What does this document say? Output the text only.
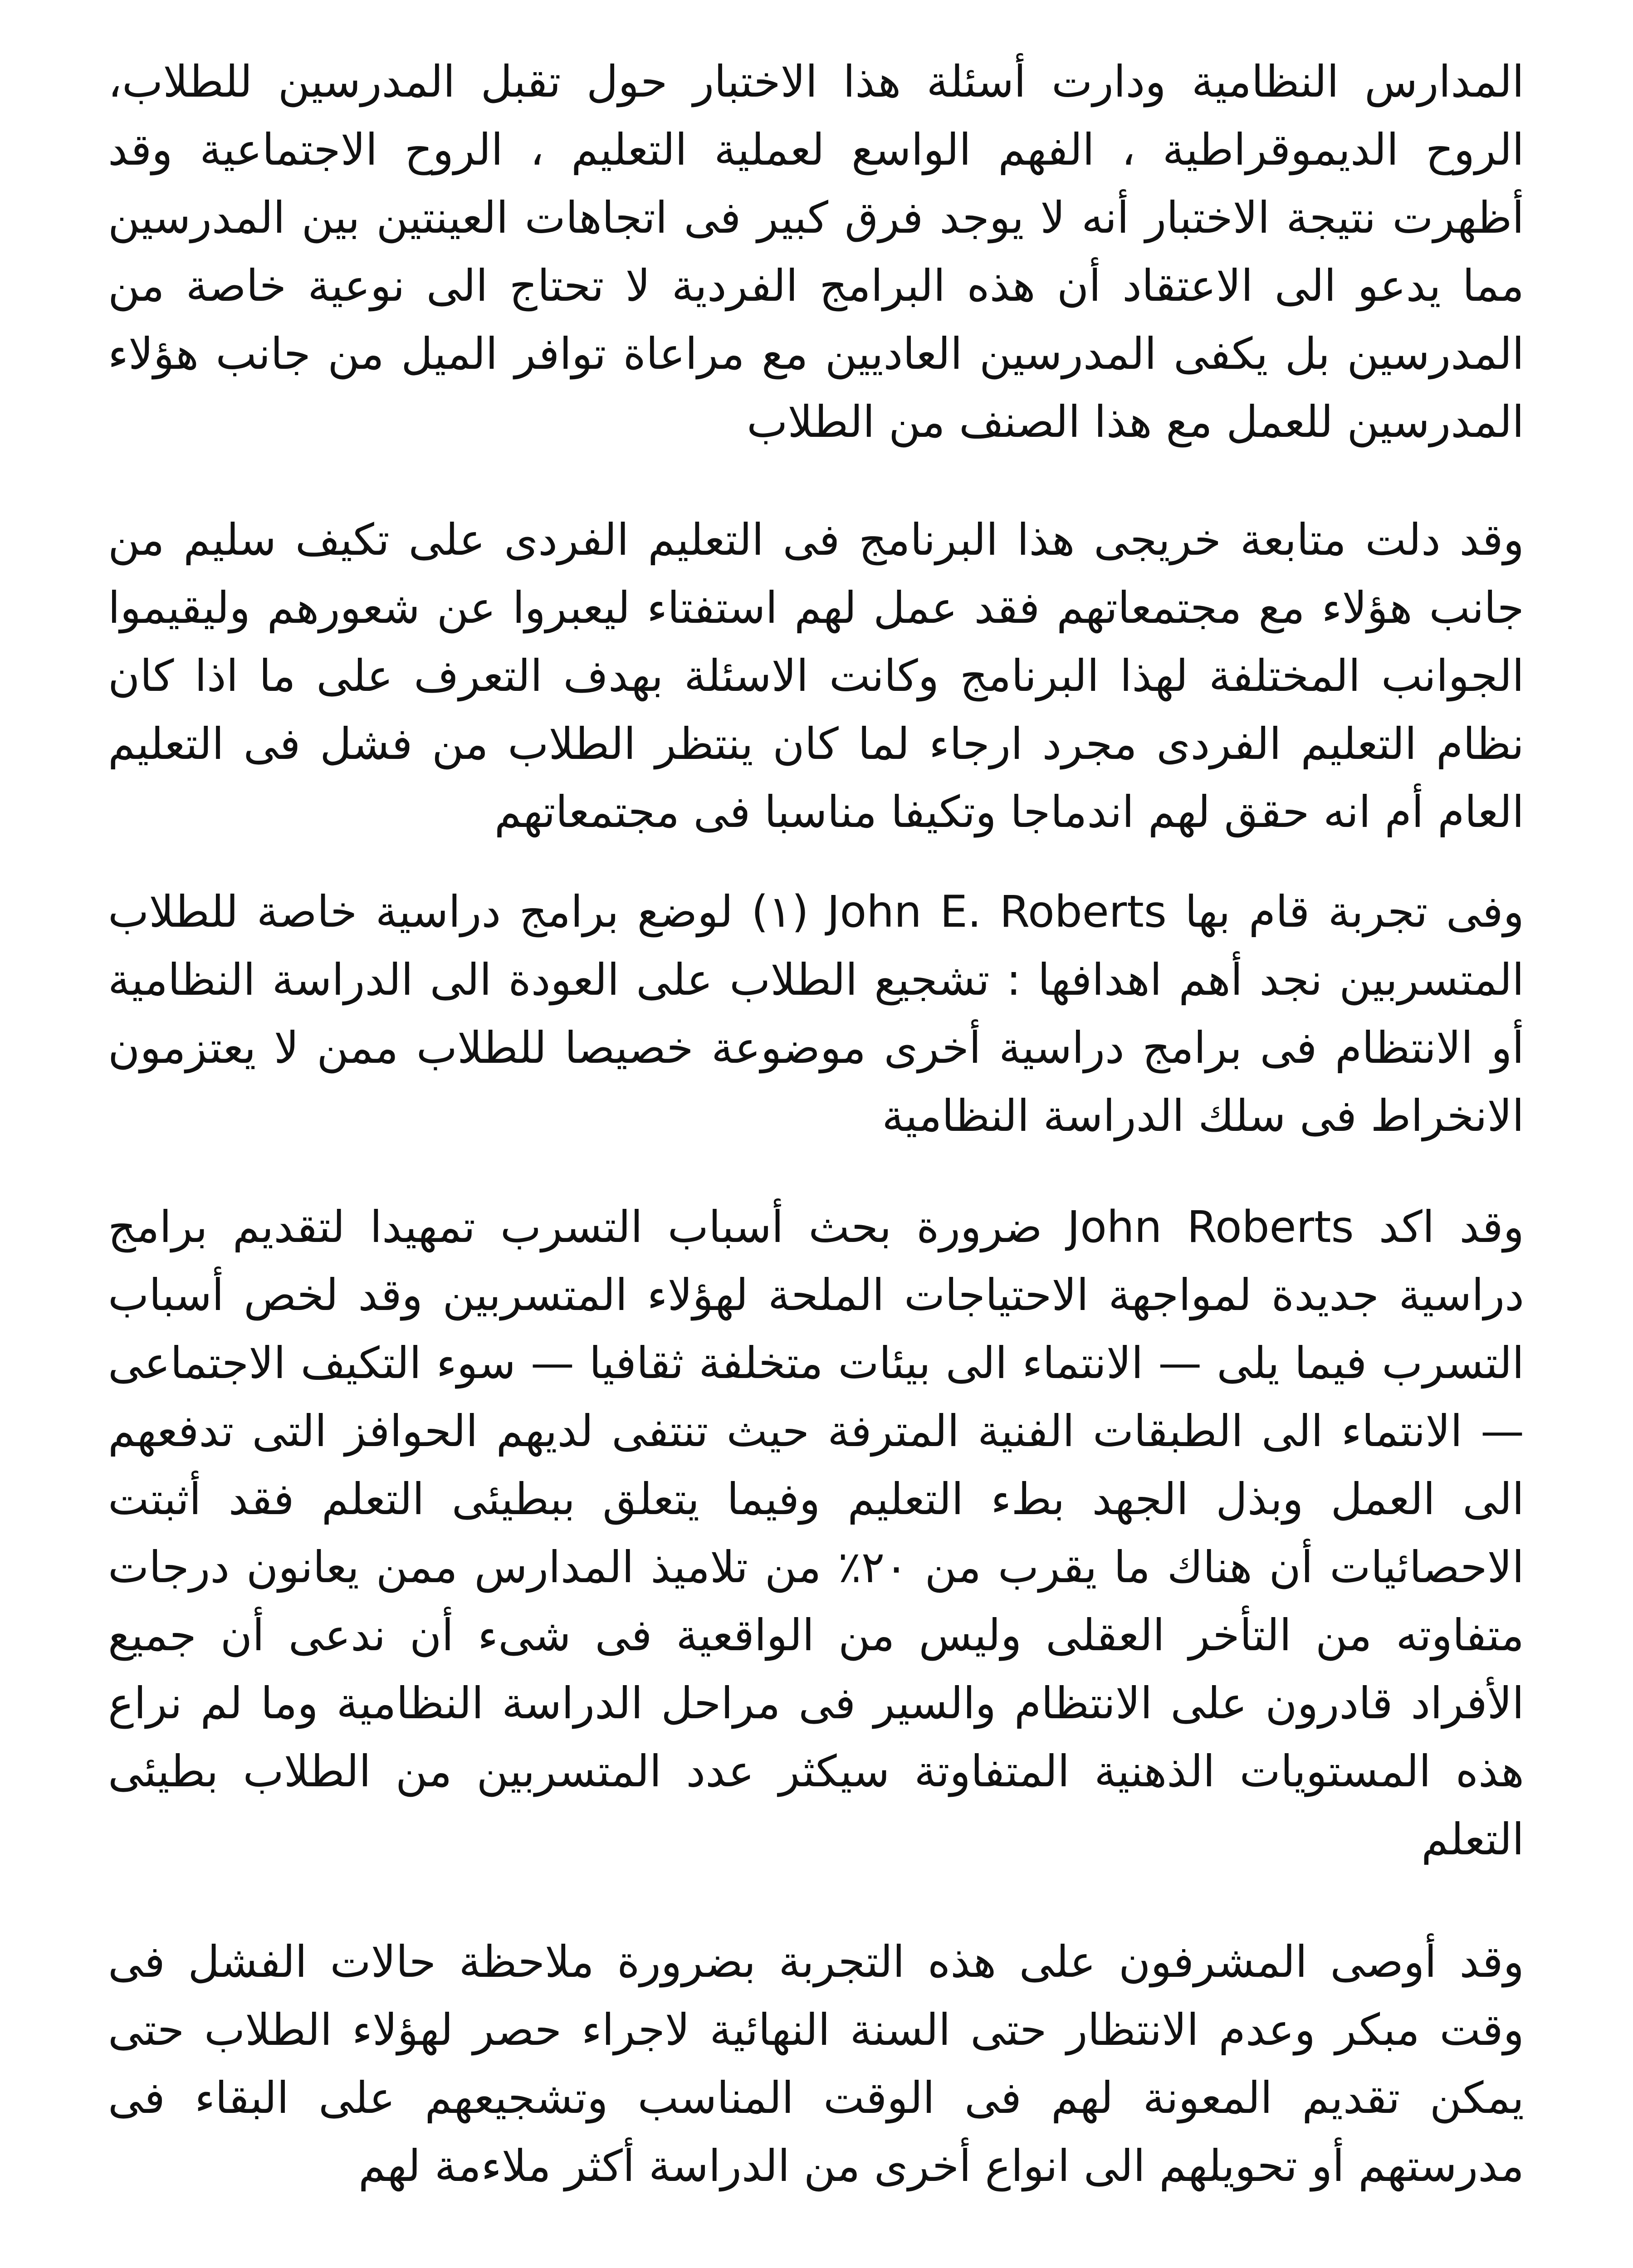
المدارس النظامية ودارت أسئلة هذا الاختبار حول تقبل المدرسين للطلاب، الروح الديموقراطية ، الفهم الواسع لعملية التعليم ، الروح الاجتماعية وقد أظهرت نتيجة الاختبار أنه لا يوجد فرق كبير فى اتجاهات العينتين بين المدرسين مما يدعو الى الاعتقاد أن هذه البرامج الفردية لا تحتاج الى نوعية خاصة من المدرسين بل يكفى المدرسين العاديين مع مراعاة توافر الميل من جانب هؤلاء المدرسين للعمل مع هذا الصنف من الطلاب

وقد دلت متابعة خريجى هذا البرنامج فى التعليم الفردى على تكيف سليم من جانب هؤلاء مع مجتمعاتهم فقد عمل لهم استفتاء ليعبروا عن شعورهم وليقيموا الجوانب المختلفة لهذا البرنامج وكانت الاسئلة بهدف التعرف على ما اذا كان نظام التعليم الفردى مجرد ارجاء لما كان ينتظر الطلاب من فشل فى التعليم العام أم انه حقق لهم اندماجا وتكيفا مناسبا فى مجتمعاتهم

وفى تجربة قام بها John E. Roberts (١) لوضع برامج دراسية خاصة للطلاب المتسربين نجد أهم اهدافها : تشجيع الطلاب على العودة الى الدراسة النظامية أو الانتظام فى برامج دراسية أخرى موضوعة خصيصا للطلاب ممن لا يعتزمون الانخراط فى سلك الدراسة النظامية

وقد اكد John Roberts ضرورة بحث أسباب التسرب تمهيدا لتقديم برامج دراسية جديدة لمواجهة الاحتياجات الملحة لهؤلاء المتسربين وقد لخص أسباب التسرب فيما يلى — الانتماء الى بيئات متخلفة ثقافيا — سوء التكيف الاجتماعى — الانتماء الى الطبقات الفنية المترفة حيث تنتفى لديهم الحوافز التى تدفعهم الى العمل وبذل الجهد بطء التعليم وفيما يتعلق ببطيئى التعلم فقد أثبتت الاحصائيات أن هناك ما يقرب من ٢٠٪ من تلاميذ المدارس ممن يعانون درجات متفاوته من التأخر العقلى وليس من الواقعية فى شىء أن ندعى أن جميع الأفراد قادرون على الانتظام والسير فى مراحل الدراسة النظامية وما لم نراع هذه المستويات الذهنية المتفاوتة سيكثر عدد المتسربين من الطلاب بطيئى التعلم

وقد أوصى المشرفون على هذه التجربة بضرورة ملاحظة حالات الفشل فى وقت مبكر وعدم الانتظار حتى السنة النهائية لاجراء حصر لهؤلاء الطلاب حتى يمكن تقديم المعونة لهم فى الوقت المناسب وتشجيعهم على البقاء فى مدرستهم أو تحويلهم الى انواع أخرى من الدراسة أكثر ملاءمة لهم
